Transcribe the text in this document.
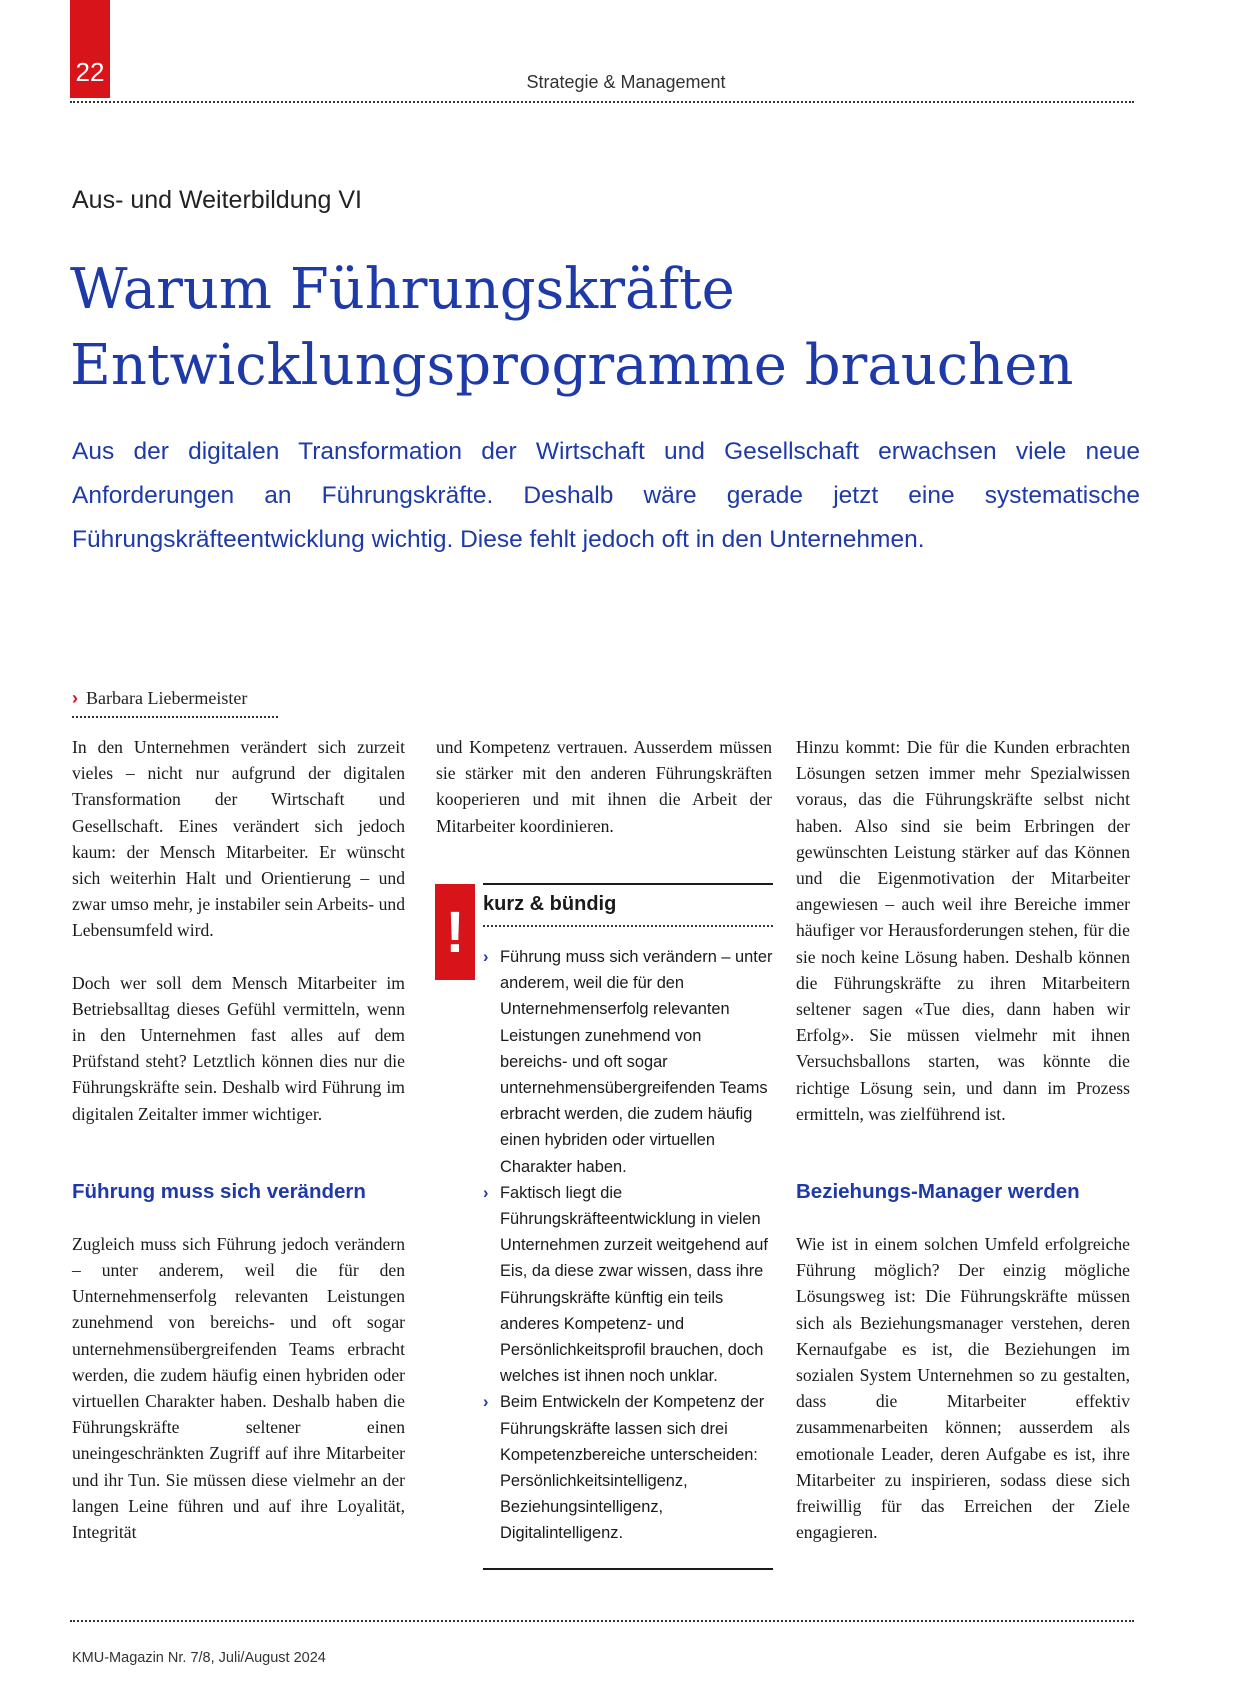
22	Strategie & Management
Aus- und Weiterbildung VI
Warum Führungskräfte
Entwicklungsprogramme brauchen

Aus der digitalen Transformation der Wirtschaft und Gesellschaft erwachsen viele neue Anforderungen an Führungskräfte. Deshalb wäre gerade jetzt eine systematische Führungskräfteentwicklung wichtig. Diese fehlt jedoch oft in den Unternehmen.

› Barbara Liebermeister

In den Unternehmen verändert sich zurzeit vieles – nicht nur aufgrund der digitalen Transformation der Wirtschaft und Gesellschaft. Eines verändert sich jedoch kaum: der Mensch Mitarbeiter. Er wünscht sich weiterhin Halt und Orientierung – und zwar umso mehr, je instabiler sein Arbeits- und Lebensumfeld wird.

Doch wer soll dem Mensch Mitarbeiter im Betriebsalltag dieses Gefühl vermitteln, wenn in den Unternehmen fast alles auf dem Prüfstand steht? Letztlich können dies nur die Führungskräfte sein. Deshalb wird Führung im digitalen Zeitalter immer wichtiger.

Führung muss sich verändern

Zugleich muss sich Führung jedoch verändern – unter anderem, weil die für den Unternehmenserfolg relevanten Leistungen zunehmend von bereichs- und oft sogar unternehmensübergreifenden Teams erbracht werden, die zudem häufig einen hybriden oder virtuellen Charakter haben. Deshalb haben die Führungskräfte seltener einen uneingeschränkten Zugriff auf ihre Mitarbeiter und ihr Tun. Sie müssen diese vielmehr an der langen Leine führen und auf ihre Loyalität, Integrität

und Kompetenz vertrauen. Ausserdem müssen sie stärker mit den anderen Führungskräften kooperieren und mit ihnen die Arbeit der Mitarbeiter koordinieren.

! kurz & bündig
› Führung muss sich verändern – unter anderem, weil die für den Unternehmenserfolg relevanten Leistungen zunehmend von bereichs- und oft sogar unternehmensübergreifenden Teams erbracht werden, die zudem häufig einen hybriden oder virtuellen Charakter haben.
› Faktisch liegt die Führungskräfteentwicklung in vielen Unternehmen zurzeit weitgehend auf Eis, da diese zwar wissen, dass ihre Führungskräfte künftig ein teils anderes Kompetenz- und Persönlichkeitsprofil brauchen, doch welches ist ihnen noch unklar.
› Beim Entwickeln der Kompetenz der Führungskräfte lassen sich drei Kompetenzbereiche unterscheiden: Persönlichkeitsintelligenz, Beziehungsintelligenz, Digitalintelligenz.

Hinzu kommt: Die für die Kunden erbrachten Lösungen setzen immer mehr Spezialwissen voraus, das die Führungskräfte selbst nicht haben. Also sind sie beim Erbringen der gewünschten Leistung stärker auf das Können und die Eigenmotivation der Mitarbeiter angewiesen – auch weil ihre Bereiche immer häufiger vor Herausforderungen stehen, für die sie noch keine Lösung haben. Deshalb können die Führungskräfte zu ihren Mitarbeitern seltener sagen «Tue dies, dann haben wir Erfolg». Sie müssen vielmehr mit ihnen Versuchsballons starten, was könnte die richtige Lösung sein, und dann im Prozess ermitteln, was zielführend ist.

Beziehungs-Manager werden

Wie ist in einem solchen Umfeld erfolgreiche Führung möglich? Der einzig mögliche Lösungsweg ist: Die Führungskräfte müssen sich als Beziehungsmanager verstehen, deren Kernaufgabe es ist, die Beziehungen im sozialen System Unternehmen so zu gestalten, dass die Mitarbeiter effektiv zusammenarbeiten können; ausserdem als emotionale Leader, deren Aufgabe es ist, ihre Mitarbeiter zu inspirieren, sodass diese sich freiwillig für das Erreichen der Ziele engagieren.

KMU-Magazin Nr. 7/8, Juli/August 2024
